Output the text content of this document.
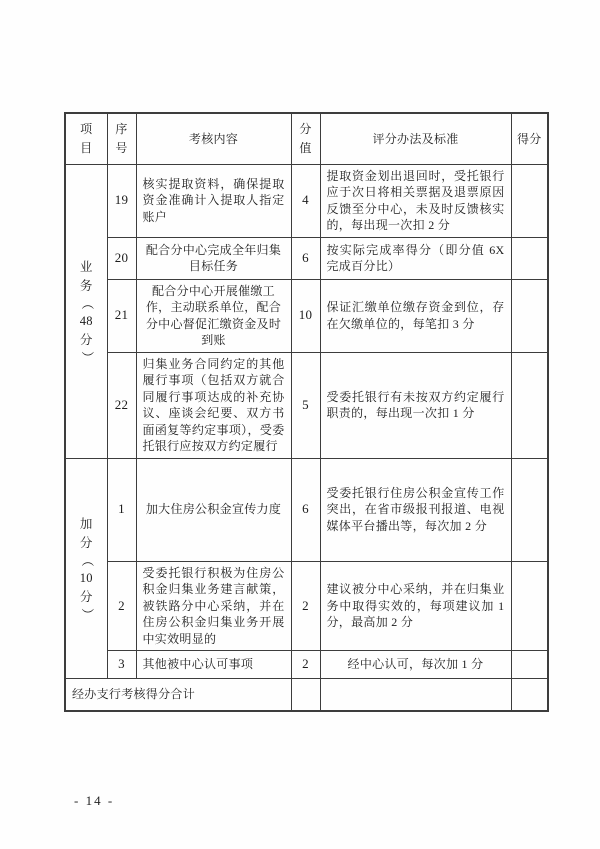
项目	序号	考核内容	分值	评分办法及标准	得分

业
务
（
48
分
）
	19	核实提取资料，确保提取资金准确计入提取人指定账户	4	提取资金划出退回时，受托银行应于次日将相关票据及退票原因反馈至分中心，未及时反馈核实的，每出现一次扣 2 分	
	20	配合分中心完成全年归集目标任务	6	按实际完成率得分（即分值 6X 完成百分比）	
	21	配合分中心开展催缴工作，主动联系单位，配合分中心督促汇缴资金及时到账	10	保证汇缴单位缴存资金到位，存在欠缴单位的，每笔扣 3 分	
	22	归集业务合同约定的其他履行事项（包括双方就合同履行事项达成的补充协议、座谈会纪要、双方书面函复等约定事项），受委托银行应按双方约定履行	5	受委托银行有未按双方约定履行职责的，每出现一次扣 1 分	

加
分
（
10
分
）
	1	加大住房公积金宣传力度	6	受委托银行住房公积金宣传工作突出，在省市级报刊报道、电视媒体平台播出等，每次加 2 分	
	2	受委托银行积极为住房公积金归集业务建言献策，被铁路分中心采纳，并在住房公积金归集业务开展中实效明显的	2	建议被分中心采纳，并在归集业务中取得实效的，每项建议加 1 分，最高加 2 分	
	3	其他被中心认可事项	2	经中心认可，每次加 1 分	
经办支行考核得分合计					
- 14 -
